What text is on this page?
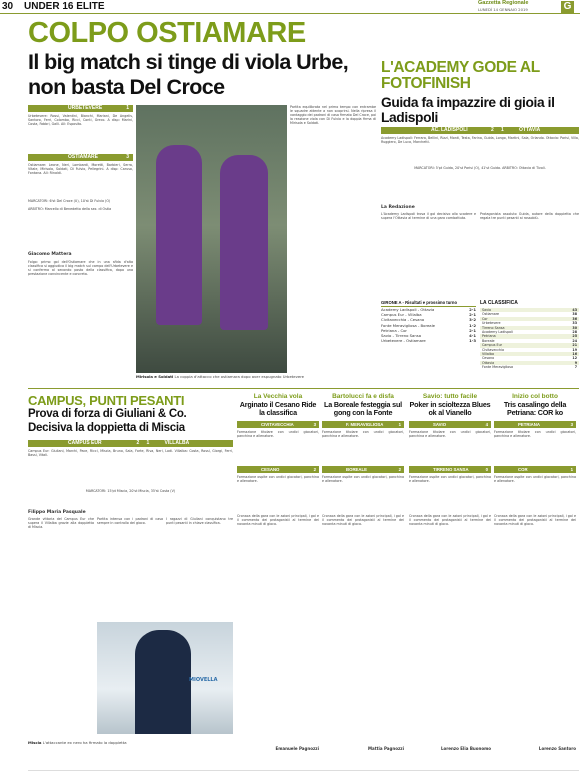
30 UNDER 16 ELITE	Gazzetta Regionale
LUNEDÌ 14 GENNAIO 2019	G
COLPO OSTIAMARE
Il big match si tinge di viola Urbe, non basta Del Croce
URBETEVERE	1
Urbetevere: Rossi, Valentini, Bianchi, Mariani, De Angelis, Santoro, Ferri, Colombo, Ricci, Conti, Greco. A disp: Marini, Costa, Fabbri, Galli. All: Esposito.
OSTIAMARE	3
Ostiamare: Leone, Neri, Lombardi, Moretti, Barbieri, Serra, Vitale, Mirisola, Soldati, Di Fulvio, Pellegrini. A disp: Caruso, Fontana. All: Rinaldi.
MARCATORI: 6'st Del Croce (U), 10'st Di Fulvio (O)
ARBITRO: Marcello di Benedetto della sez. di Ostia
Giacomo Mattera
Folgo: primo gol dell'Ostiamare che in una sfida d'alta classifica si aggiudica il big match sul campo dell'Urbetevere e si conferma al secondo posto della classifica, dopo una prestazione convincente e concreta.
Mirisola e Soldati La coppia d'attacco che ostiamara dopo aver espugnato Urbetevere
Partita equilibrata nel primo tempo con entrambe le squadre attente a non scoprirsi. Nella ripresa il vantaggio dei padroni di casa firmato Del Croce, poi la reazione viola con Di Fulvio e la doppia firma di Mirisola e Soldati.
L'ACADEMY GODE AL FOTOFINISH
Guida fa impazzire di gioia il Ladispoli
AC. LADISPOLI	2	1	OTTAVIA
Academy Ladispoli: Ferrara, Bellini, Rizzi, Monti, Testa, Farina, Guida, Longo, Martini, Sala, Orlando. Ottavia: Parisi, Villa, Ruggiero, De Luca, Marchetti.
MARCATORI: 5'pt Guida, 20'st Parisi (O), 41'st Guida. ARBITRO: Ottavia di Tivoli.
La Redazione
L'Academy Ladispoli trova il gol decisivo allo scadere e supera l'Ottavia al termine di una gara combattuta.
Protagonista assoluto Guida, autore della doppietta che regala tre punti pesanti ai rossoblù.
GIRONE A - Risultati e prossimo turno
Academy Ladispoli - Ottavia	2-1
Campus Eur - Villalba	2-1
Civitavecchia - Cesano	3-2
Fonte Meravigliosa - Boreale	1-2
Petriana - Cor	2-1
Savio - Tirreno Sansa	4-1
Urbetevere - Ostiamare	1-3
LA CLASSIFICA
Savio	43
Ostiamare	38
Cor	36
Urbetevere	33
Tirreno Sansa	30
Academy Ladispoli	28
Petriana	25
Boreale	24
Campus Eur	21
Civitavecchia	19
Villalba	16
Cesano	12
Ottavia	9
Fonte Meravigliosa	7
CAMPUS, PUNTI PESANTI
Prova di forza di Giuliani & Co. Decisiva la doppietta di Miscia
CAMPUS EUR	2	1	VILLALBA
Campus Eur: Giuliani, Marchi, Pace, Ricci, Miscia, Bruno, Sala, Forte, Riva, Neri, Lodi. Villalba: Costa, Rossi, Giorgi, Ferri, Bassi, Vitali.
MARCATORI: 15'pt Miscia, 20'st Miscia, 35'st Costa (V)
Filippo Maria Pasquale
Grande vittoria del Campus Eur che supera il Villalba grazie alla doppietta di Miscia.
Partita intensa con i padroni di casa sempre in controllo del gioco.
I ragazzi di Giuliani conquistano tre punti pesanti in chiave classifica.
MIOVELLA
Miscia L'attaccante ex nero ha firmato la doppietta
La Vecchia vola
Arginato il Cesano Ride la classifica
CIVITAVECCHIA	3
Formazione titolare con undici giocatori, panchina e allenatore.
CESANO	2
Formazione ospite con undici giocatori, panchina e allenatore.
Cronaca della gara con le azioni principali, i gol e il commento dei protagonisti al termine dei novanta minuti di gioco.
Emanuele Pagnozzi
Bartolucci fa e disfa
La Boreale festeggia sul gong con la Fonte
F. MERAVIGLIOSA	1
Formazione titolare con undici giocatori, panchina e allenatore.
BOREALE	2
Formazione ospite con undici giocatori, panchina e allenatore.
Cronaca della gara con le azioni principali, i gol e il commento dei protagonisti al termine dei novanta minuti di gioco.
Mattia Pagnozzi
Savio: tutto facile
Poker in scioltezza Blues ok al Vianello
SAVIO	4
Formazione titolare con undici giocatori, panchina e allenatore.
TIRRENO SANSA	0
Formazione ospite con undici giocatori, panchina e allenatore.
Cronaca della gara con le azioni principali, i gol e il commento dei protagonisti al termine dei novanta minuti di gioco.
Lorenzo Elia Buonomo
Inizio col botto
Tris casalingo della Petriana: COR ko
PETRIANA	3
Formazione titolare con undici giocatori, panchina e allenatore.
COR	1
Formazione ospite con undici giocatori, panchina e allenatore.
Cronaca della gara con le azioni principali, i gol e il commento dei protagonisti al termine dei novanta minuti di gioco.
Lorenzo Santoro
